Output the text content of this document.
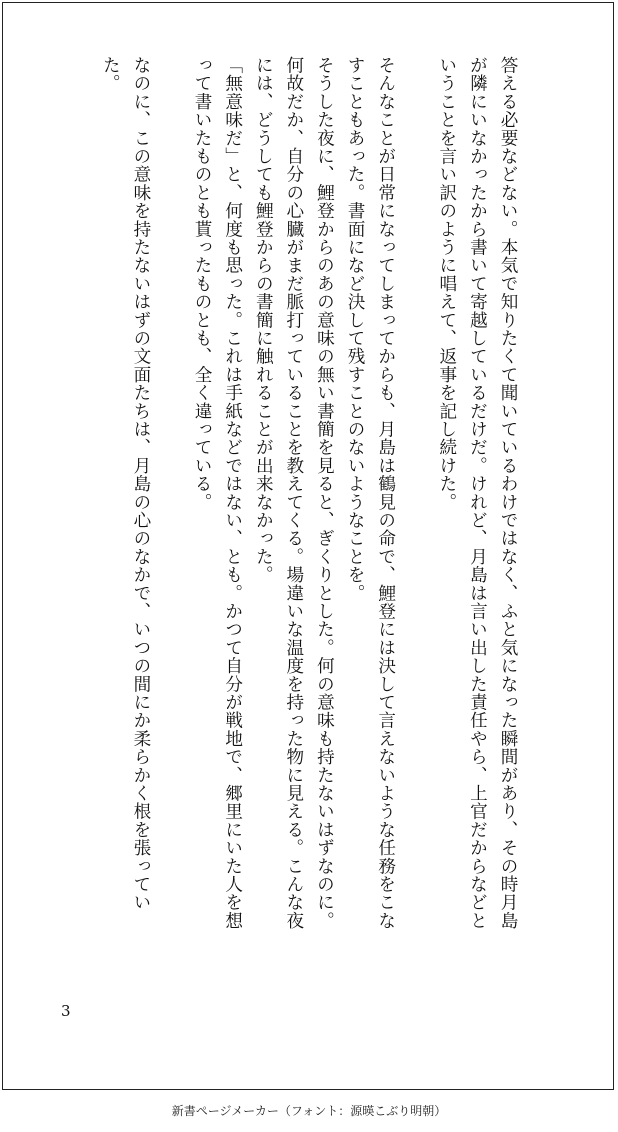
答える必要などない。本気で知りたくて聞いているわけではなく、ふと気になった瞬間があり、その時月島が隣にいなかったから書いて寄越しているだけだ。けれど、月島は言い出した責任やら、上官だからなどということを言い訳のように唱えて、返事を記し続けた。

そんなことが日常になってしまってからも、月島は鶴見の命で、鯉登には決して言えないような任務をこなすこともあった。書面になど決して残すことのないようなことを。

そうした夜に、鯉登からのあの意味の無い書簡を見ると、ぎくりとした。何の意味も持たないはずなのに。何故だか、自分の心臓がまだ脈打っていることを教えてくる。場違いな温度を持った物に見える。こんな夜には、どうしても鯉登からの書簡に触れることが出来なかった。

「無意味だ」と、何度も思った。これは手紙などではない、とも。かつて自分が戦地で、郷里にいた人を想って書いたものとも貰ったものとも、全く違っている。

なのに、この意味を持たないはずの文面たちは、月島の心のなかで、いつの間にか柔らかく根を張っていた。

3
新書ページメーカー（フォント：源暎こぶり明朝）
